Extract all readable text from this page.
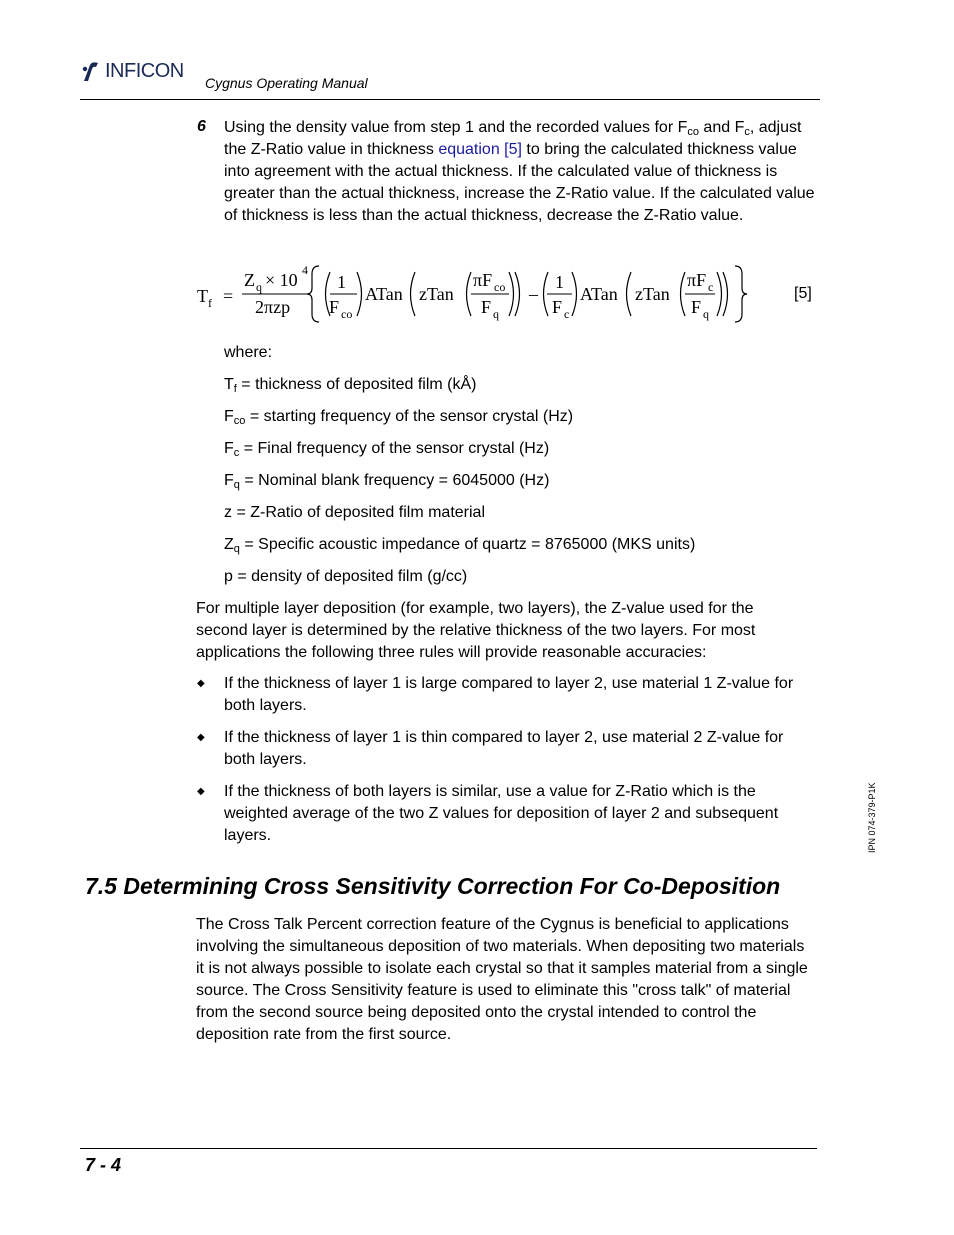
INFICON
Cygnus Operating Manual
6 Using the density value from step 1 and the recorded values for $F_{co}$ and $F_c$, adjust the Z-Ratio value in thickness equation [5] to bring the calculated thickness value into agreement with the actual thickness. If the calculated value of thickness is greater than the actual thickness, increase the Z-Ratio value. If the calculated value of thickness is less than the actual thickness, decrease the Z-Ratio value.
T f =
Z q × 10 4
2πzp
1
F co
ATan zTan
πF co
F q
–
1
F c
ATan zTan
πF c
F q
[5]
where:
$T_f$ = thickness of deposited film (kÅ)
$F_{co}$ = starting frequency of the sensor crystal (Hz)
$F_c$ = Final frequency of the sensor crystal (Hz)
$F_q$ = Nominal blank frequency = 6045000 (Hz)
z = Z-Ratio of deposited film material
$Z_q$ = Specific acoustic impedance of quartz = 8765000 (MKS units)
p = density of deposited film (g/cc)
For multiple layer deposition (for example, two layers), the Z-value used for the second layer is determined by the relative thickness of the two layers. For most applications the following three rules will provide reasonable accuracies:
◆ If the thickness of layer 1 is large compared to layer 2, use material 1 Z-value for both layers.
◆ If the thickness of layer 1 is thin compared to layer 2, use material 2 Z-value for both layers.
◆ If the thickness of both layers is similar, use a value for Z-Ratio which is the weighted average of the two Z values for deposition of layer 2 and subsequent layers.
7.5 Determining Cross Sensitivity Correction For Co-Deposition
The Cross Talk Percent correction feature of the Cygnus is beneficial to applications involving the simultaneous deposition of two materials. When depositing two materials it is not always possible to isolate each crystal so that it samples material from a single source. The Cross Sensitivity feature is used to eliminate this "cross talk" of material from the second source being deposited onto the crystal intended to control the deposition rate from the first source.
IPN 074-379-P1K
7 - 4
